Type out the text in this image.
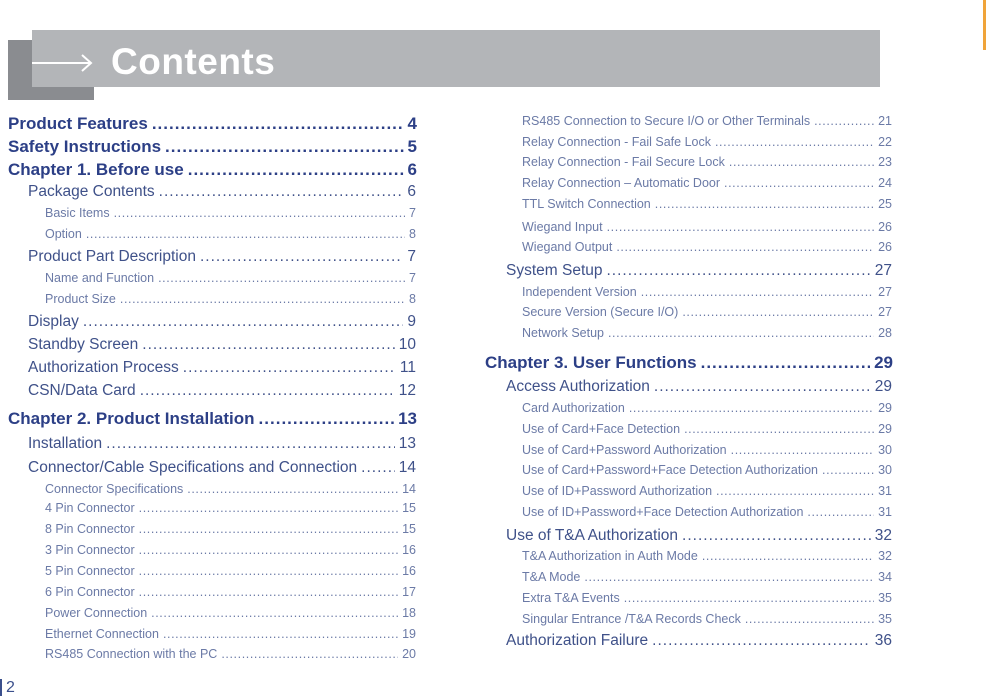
Contents
Product Features .....	4
Safety Instructions .....	5
Chapter 1. Before use .....	6
Package Contents .....	6
Basic Items .....	7
Option .....	8
Product Part Description .....	7
Name and Function .....	7
Product Size .....	8
Display .....	9
Standby Screen .....	10
Authorization Process .....	11
CSN/Data Card .....	12
Chapter 2. Product Installation .....	13
Installation .....	13
Connector/Cable Specifications and Connection .....	14
Connector Specifications .....	14
4 Pin Connector .....	15
8 Pin Connector .....	15
3 Pin Connector .....	16
5 Pin Connector .....	16
6 Pin Connector .....	17
Power Connection .....	18
Ethernet Connection .....	19
RS485 Connection with the PC .....	20
RS485 Connection to Secure I/O or Other Terminals .....	21
Relay Connection - Fail Safe Lock .....	22
Relay Connection - Fail Secure Lock .....	23
Relay Connection – Automatic Door .....	24
TTL Switch Connection .....	25
Wiegand Input .....	26
Wiegand Output .....	26
System Setup .....	27
Independent Version .....	27
Secure Version (Secure I/O) .....	27
Network Setup .....	28
Chapter 3. User Functions .....	29
Access Authorization .....	29
Card Authorization .....	29
Use of Card+Face Detection .....	29
Use of Card+Password Authorization .....	30
Use of Card+Password+Face Detection Authorization .....	30
Use of ID+Password Authorization .....	31
Use of ID+Password+Face Detection Authorization .....	31
Use of T&A Authorization .....	32
T&A Authorization in Auth Mode .....	32
T&A Mode .....	34
Extra T&A Events .....	35
Singular Entrance /T&A Records Check .....	35
Authorization Failure .....	36
2
